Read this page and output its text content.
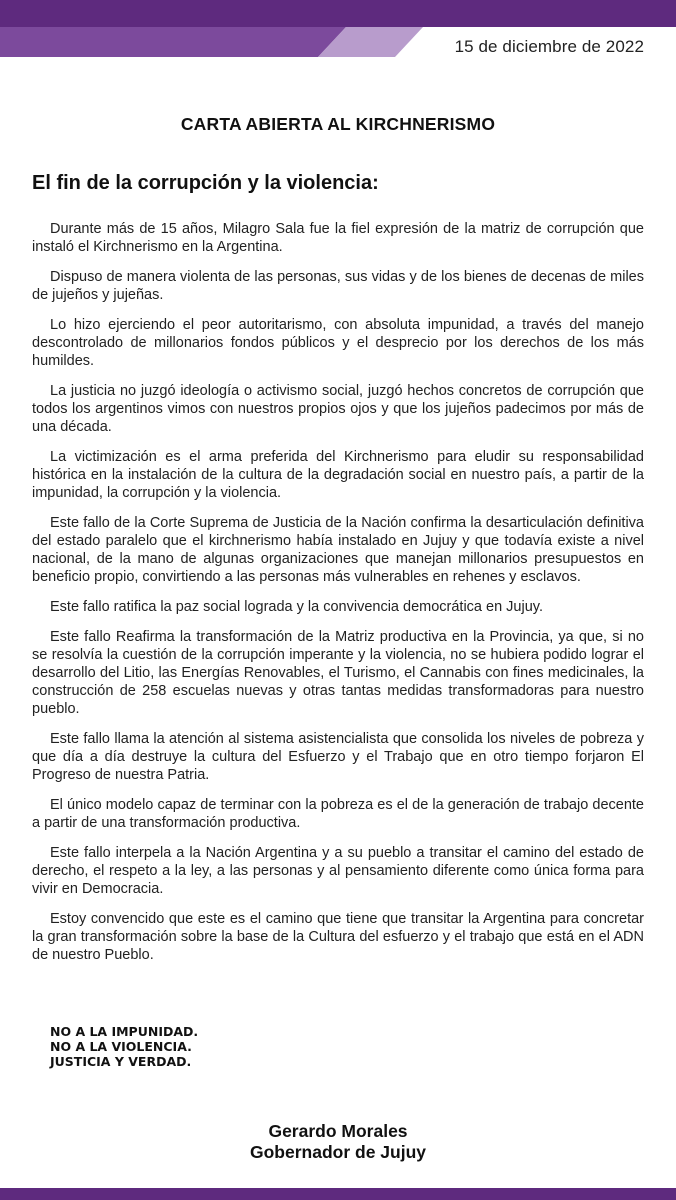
15 de diciembre de 2022
CARTA ABIERTA AL KIRCHNERISMO
El fin de la corrupción y la violencia:

Durante más de 15 años, Milagro Sala fue la fiel expresión de la matriz de corrupción que instaló el Kirchnerismo en la Argentina.

Dispuso de manera violenta de las personas, sus vidas y de los bienes de decenas de miles de jujeños y jujeñas.

Lo hizo ejerciendo el peor autoritarismo, con absoluta impunidad, a través del manejo descontrolado de millonarios fondos públicos y el desprecio por los derechos de los más humildes.

La justicia no juzgó ideología o activismo social, juzgó hechos concretos de corrupción que todos los argentinos vimos con nuestros propios ojos y que los jujeños padecimos por más de una década.

La victimización es el arma preferida del Kirchnerismo para eludir su responsabilidad histórica en la instalación de la cultura de la degradación social en nuestro país, a partir de la impunidad, la corrupción y la violencia.

Este fallo de la Corte Suprema de Justicia de la Nación confirma la desarticulación definitiva del estado paralelo que el kirchnerismo había instalado en Jujuy y que todavía existe a nivel nacional, de la mano de algunas organizaciones que manejan millonarios presupuestos en beneficio propio, convirtiendo a las personas más vulnerables en rehenes y esclavos.

Este fallo ratifica la paz social lograda y la convivencia democrática en Jujuy.

Este fallo Reafirma la transformación de la Matriz productiva en la Provincia, ya que, si no se resolvía la cuestión de la corrupción imperante y la violencia, no se hubiera podido lograr el desarrollo del Litio, las Energías Renovables, el Turismo, el Cannabis con fines medicinales, la construcción de 258 escuelas nuevas y otras tantas medidas transformadoras para nuestro pueblo.

Este fallo llama la atención al sistema asistencialista que consolida los niveles de pobreza y que día a día destruye la cultura del Esfuerzo y el Trabajo que en otro tiempo forjaron El Progreso de nuestra Patria.

El único modelo capaz de terminar con la pobreza es el de la generación de trabajo decente a partir de una transformación productiva.

Este fallo interpela a la Nación Argentina y a su pueblo a transitar el camino del estado de derecho, el respeto a la ley, a las personas y al pensamiento diferente como única forma para vivir en Democracia.

Estoy convencido que este es el camino que tiene que transitar la Argentina para concretar la gran transformación sobre la base de la Cultura del esfuerzo y el trabajo que está en el ADN de nuestro Pueblo.

NO A LA IMPUNIDAD.
NO A LA VIOLENCIA.
JUSTICIA Y VERDAD.
Gerardo Morales
Gobernador de Jujuy
